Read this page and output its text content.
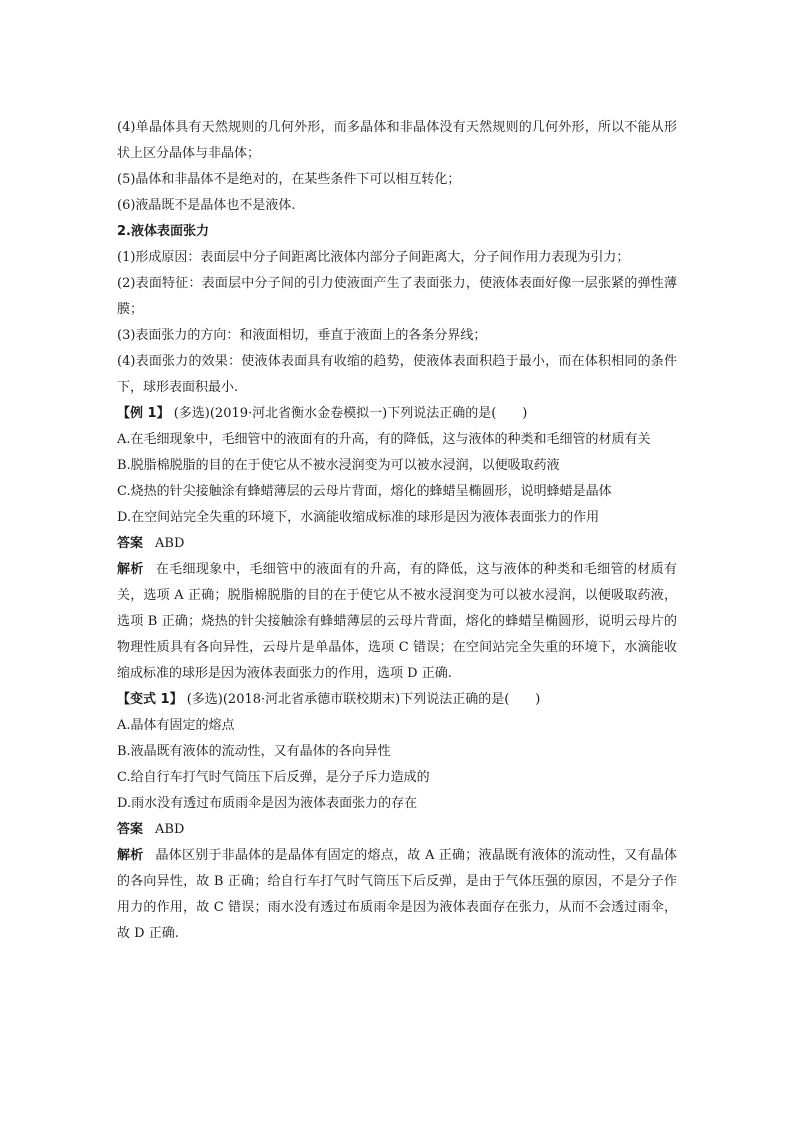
(4)单晶体具有天然规则的几何外形，而多晶体和非晶体没有天然规则的几何外形，所以不能从形状上区分晶体与非晶体；

(5)晶体和非晶体不是绝对的，在某些条件下可以相互转化；

(6)液晶既不是晶体也不是液体.

2.液体表面张力

(1)形成原因：表面层中分子间距离比液体内部分子间距离大，分子间作用力表现为引力；

(2)表面特征：表面层中分子间的引力使液面产生了表面张力，使液体表面好像一层张紧的弹性薄膜；

(3)表面张力的方向：和液面相切，垂直于液面上的各条分界线；

(4)表面张力的效果：使液体表面具有收缩的趋势，使液体表面积趋于最小，而在体积相同的条件下，球形表面积最小.

【例 1】 (多选)(2019·河北省衡水金卷模拟一)下列说法正确的是(　　)

A.在毛细现象中，毛细管中的液面有的升高，有的降低，这与液体的种类和毛细管的材质有关

B.脱脂棉脱脂的目的在于使它从不被水浸润变为可以被水浸润，以便吸取药液

C.烧热的针尖接触涂有蜂蜡薄层的云母片背面，熔化的蜂蜡呈椭圆形，说明蜂蜡是晶体

D.在空间站完全失重的环境下，水滴能收缩成标准的球形是因为液体表面张力的作用

答案 ABD

解析 在毛细现象中，毛细管中的液面有的升高，有的降低，这与液体的种类和毛细管的材质有关，选项 A 正确；脱脂棉脱脂的目的在于使它从不被水浸润变为可以被水浸润，以便吸取药液，选项 B 正确；烧热的针尖接触涂有蜂蜡薄层的云母片背面，熔化的蜂蜡呈椭圆形，说明云母片的物理性质具有各向异性，云母片是单晶体，选项 C 错误；在空间站完全失重的环境下，水滴能收缩成标准的球形是因为液体表面张力的作用，选项 D 正确.

【变式 1】 (多选)(2018·河北省承德市联校期末)下列说法正确的是(　　)

A.晶体有固定的熔点

B.液晶既有液体的流动性，又有晶体的各向异性

C.给自行车打气时气筒压下后反弹，是分子斥力造成的

D.雨水没有透过布质雨伞是因为液体表面张力的存在

答案 ABD

解析 晶体区别于非晶体的是晶体有固定的熔点，故 A 正确；液晶既有液体的流动性，又有晶体的各向异性，故 B 正确；给自行车打气时气筒压下后反弹，是由于气体压强的原因，不是分子作用力的作用，故 C 错误；雨水没有透过布质雨伞是因为液体表面存在张力，从而不会透过雨伞，故 D 正确.
